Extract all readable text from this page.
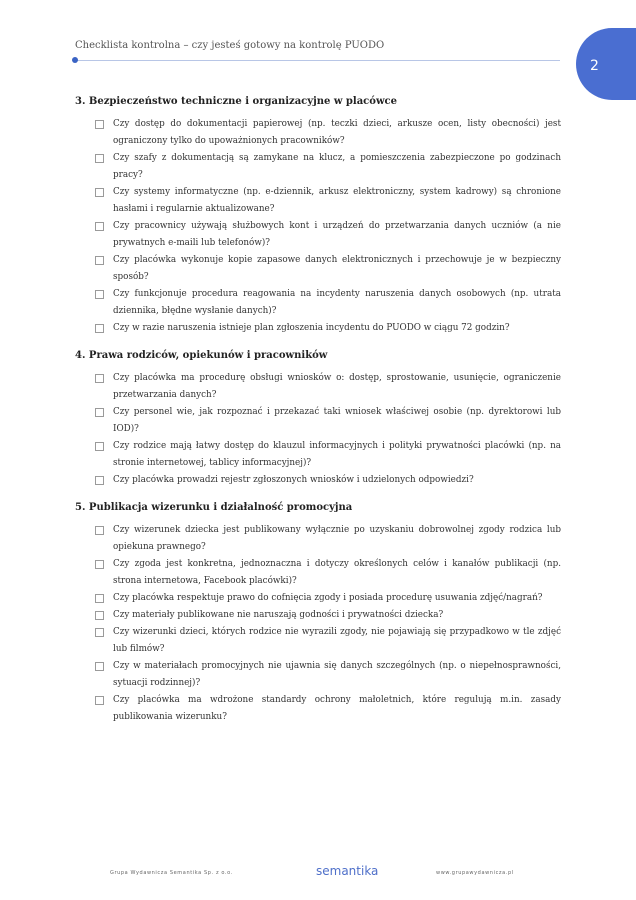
Checklista kontrolna – czy jesteś gotowy na kontrolę PUODO
2
3. Bezpieczeństwo techniczne i organizacyjne w placówce
Czy dostęp do dokumentacji papierowej (np. teczki dzieci, arkusze ocen, listy obecności) jest ograniczony tylko do upoważnionych pracowników?
Czy szafy z dokumentacją są zamykane na klucz, a pomieszczenia zabezpieczone po godzinach pracy?
Czy systemy informatyczne (np. e-dziennik, arkusz elektroniczny, system kadrowy) są chronione hasłami i regularnie aktualizowane?
Czy pracownicy używają służbowych kont i urządzeń do przetwarzania danych uczniów (a nie prywatnych e-maili lub telefonów)?
Czy placówka wykonuje kopie zapasowe danych elektronicznych i przechowuje je w bezpieczny sposób?
Czy funkcjonuje procedura reagowania na incydenty naruszenia danych osobowych (np. utrata dziennika, błędne wysłanie danych)?
Czy w razie naruszenia istnieje plan zgłoszenia incydentu do PUODO w ciągu 72 godzin?
4. Prawa rodziców, opiekunów i pracowników
Czy placówka ma procedurę obsługi wniosków o: dostęp, sprostowanie, usunięcie, ograniczenie przetwarzania danych?
Czy personel wie, jak rozpoznać i przekazać taki wniosek właściwej osobie (np. dyrektorowi lub IOD)?
Czy rodzice mają łatwy dostęp do klauzul informacyjnych i polityki prywatności placówki (np. na stronie internetowej, tablicy informacyjnej)?
Czy placówka prowadzi rejestr zgłoszonych wniosków i udzielonych odpowiedzi?
5. Publikacja wizerunku i działalność promocyjna
Czy wizerunek dziecka jest publikowany wyłącznie po uzyskaniu dobrowolnej zgody rodzica lub opiekuna prawnego?
Czy zgoda jest konkretna, jednoznaczna i dotyczy określonych celów i kanałów publikacji (np. strona internetowa, Facebook placówki)?
Czy placówka respektuje prawo do cofnięcia zgody i posiada procedurę usuwania zdjęć/nagrań?
Czy materiały publikowane nie naruszają godności i prywatności dziecka?
Czy wizerunki dzieci, których rodzice nie wyrazili zgody, nie pojawiają się przypadkowo w tle zdjęć lub filmów?
Czy w materiałach promocyjnych nie ujawnia się danych szczególnych (np. o niepełnosprawności, sytuacji rodzinnej)?
Czy placówka ma wdrożone standardy ochrony małoletnich, które regulują m.in. zasady publikowania wizerunku?
Grupa Wydawnicza Semantika Sp. z o.o.	semantika	www.grupawydawnicza.pl
